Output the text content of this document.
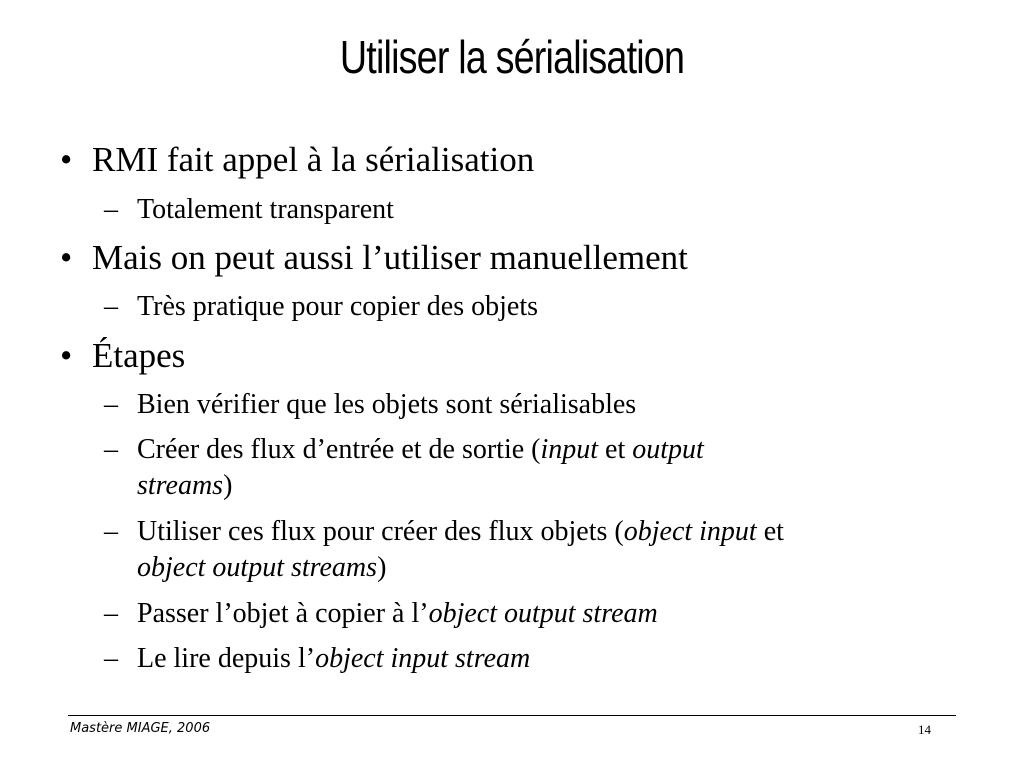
Utiliser la sérialisation
• RMI fait appel à la sérialisation
– Totalement transparent
• Mais on peut aussi l’utiliser manuellement
– Très pratique pour copier des objets
• Étapes
– Bien vérifier que les objets sont sérialisables
– Créer des flux d’entrée et de sortie (input et output
streams)
– Utiliser ces flux pour créer des flux objets (object input et
object output streams)
– Passer l’objet à copier à l’object output stream
– Le lire depuis l’object input stream
Mastère MIAGE, 2006	14
